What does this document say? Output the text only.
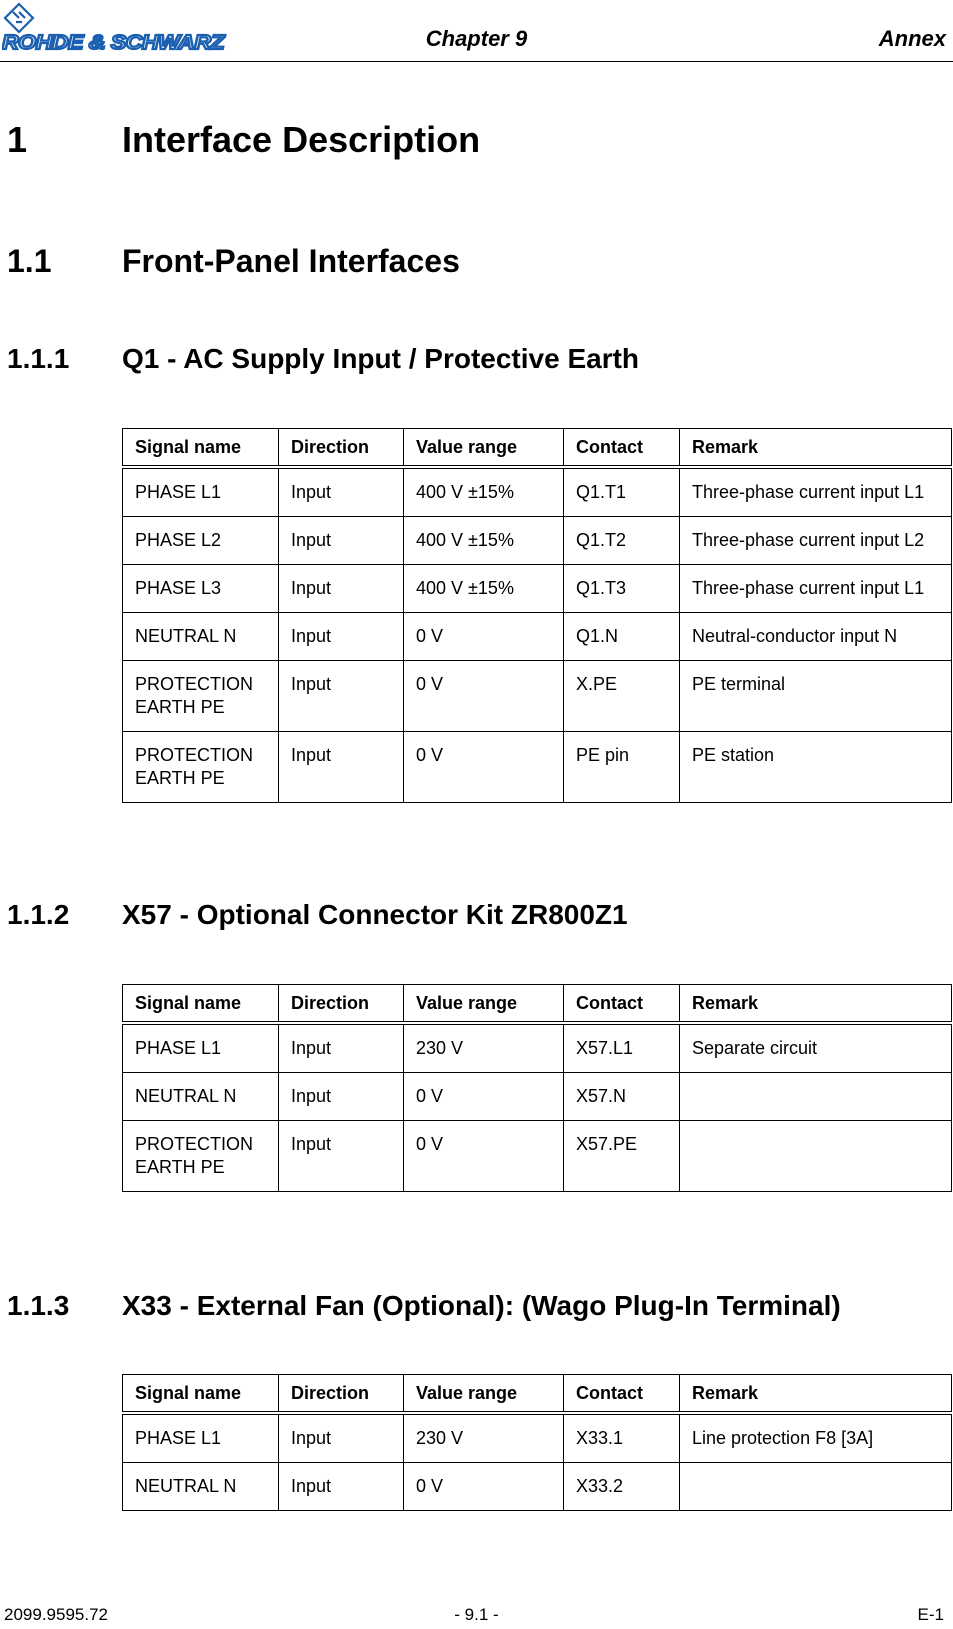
ROHDE & SCHWARZ	Chapter 9	Annex
1	Interface Description
1.1 Front-Panel Interfaces
1.1.1 Q1 - AC Supply Input / Protective Earth
Signal name	Direction	Value range	Contact	Remark
PHASE L1	Input	400 V ±15%	Q1.T1	Three-phase current input L1
PHASE L2	Input	400 V ±15%	Q1.T2	Three-phase current input L2
PHASE L3	Input	400 V ±15%	Q1.T3	Three-phase current input L1
NEUTRAL N	Input	0 V	Q1.N	Neutral-conductor input N
PROTECTION EARTH PE	Input	0 V	X.PE	PE terminal
PROTECTION EARTH PE	Input	0 V	PE pin	PE station
1.1.2 X57 - Optional Connector Kit ZR800Z1
Signal name	Direction	Value range	Contact	Remark
PHASE L1	Input	230 V	X57.L1	Separate circuit
NEUTRAL N	Input	0 V	X57.N	
PROTECTION EARTH PE	Input	0 V	X57.PE	
1.1.3 X33 - External Fan (Optional): (Wago Plug-In Terminal)
Signal name	Direction	Value range	Contact	Remark
PHASE L1	Input	230 V	X33.1	Line protection F8 [3A]
NEUTRAL N	Input	0 V	X33.2	
2099.9595.72	- 9.1 -	E-1
